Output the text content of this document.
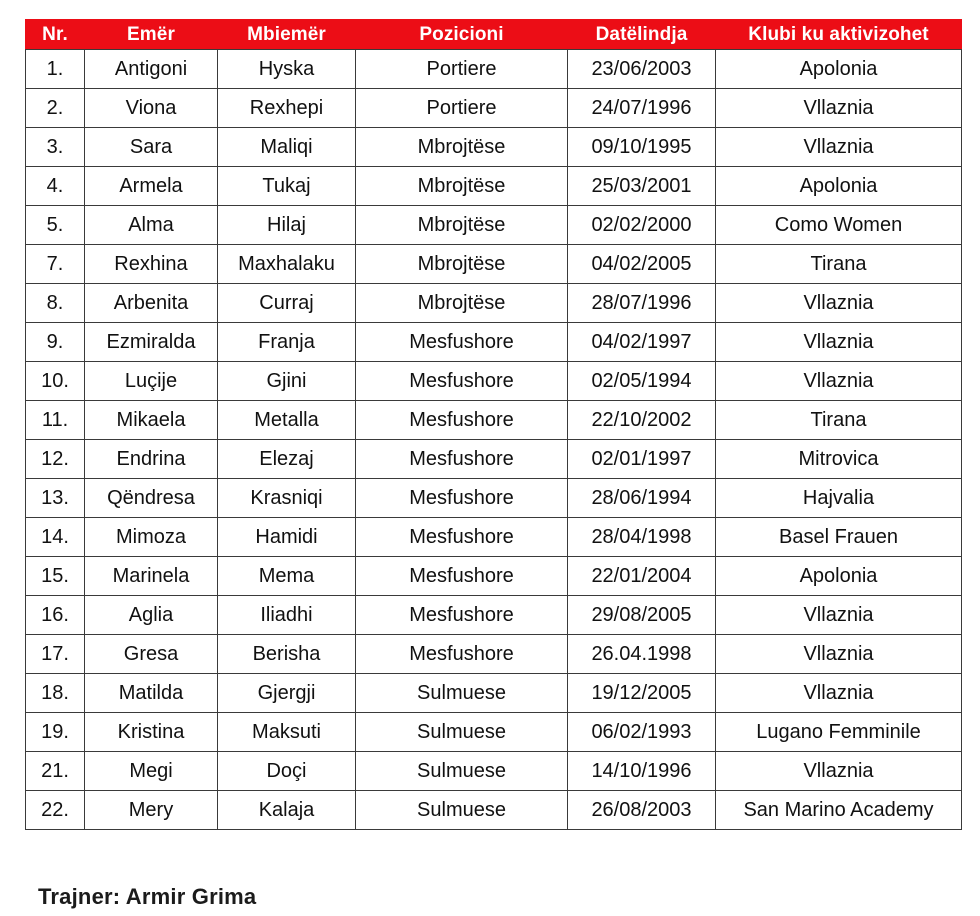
Nr.	Emër	Mbiemër	Pozicioni	Datëlindja	Klubi ku aktivizohet
1.	Antigoni	Hyska	Portiere	23/06/2003	Apolonia
2.	Viona	Rexhepi	Portiere	24/07/1996	Vllaznia
3.	Sara	Maliqi	Mbrojtëse	09/10/1995	Vllaznia
4.	Armela	Tukaj	Mbrojtëse	25/03/2001	Apolonia
5.	Alma	Hilaj	Mbrojtëse	02/02/2000	Como Women
7.	Rexhina	Maxhalaku	Mbrojtëse	04/02/2005	Tirana
8.	Arbenita	Curraj	Mbrojtëse	28/07/1996	Vllaznia
9.	Ezmiralda	Franja	Mesfushore	04/02/1997	Vllaznia
10.	Luçije	Gjini	Mesfushore	02/05/1994	Vllaznia
11.	Mikaela	Metalla	Mesfushore	22/10/2002	Tirana
12.	Endrina	Elezaj	Mesfushore	02/01/1997	Mitrovica
13.	Qëndresa	Krasniqi	Mesfushore	28/06/1994	Hajvalia
14.	Mimoza	Hamidi	Mesfushore	28/04/1998	Basel Frauen
15.	Marinela	Mema	Mesfushore	22/01/2004	Apolonia
16.	Aglia	Iliadhi	Mesfushore	29/08/2005	Vllaznia
17.	Gresa	Berisha	Mesfushore	26.04.1998	Vllaznia
18.	Matilda	Gjergji	Sulmuese	19/12/2005	Vllaznia
19.	Kristina	Maksuti	Sulmuese	06/02/1993	Lugano Femminile
21.	Megi	Doçi	Sulmuese	14/10/1996	Vllaznia
22.	Mery	Kalaja	Sulmuese	26/08/2003	San Marino Academy
Trajner: Armir Grima
